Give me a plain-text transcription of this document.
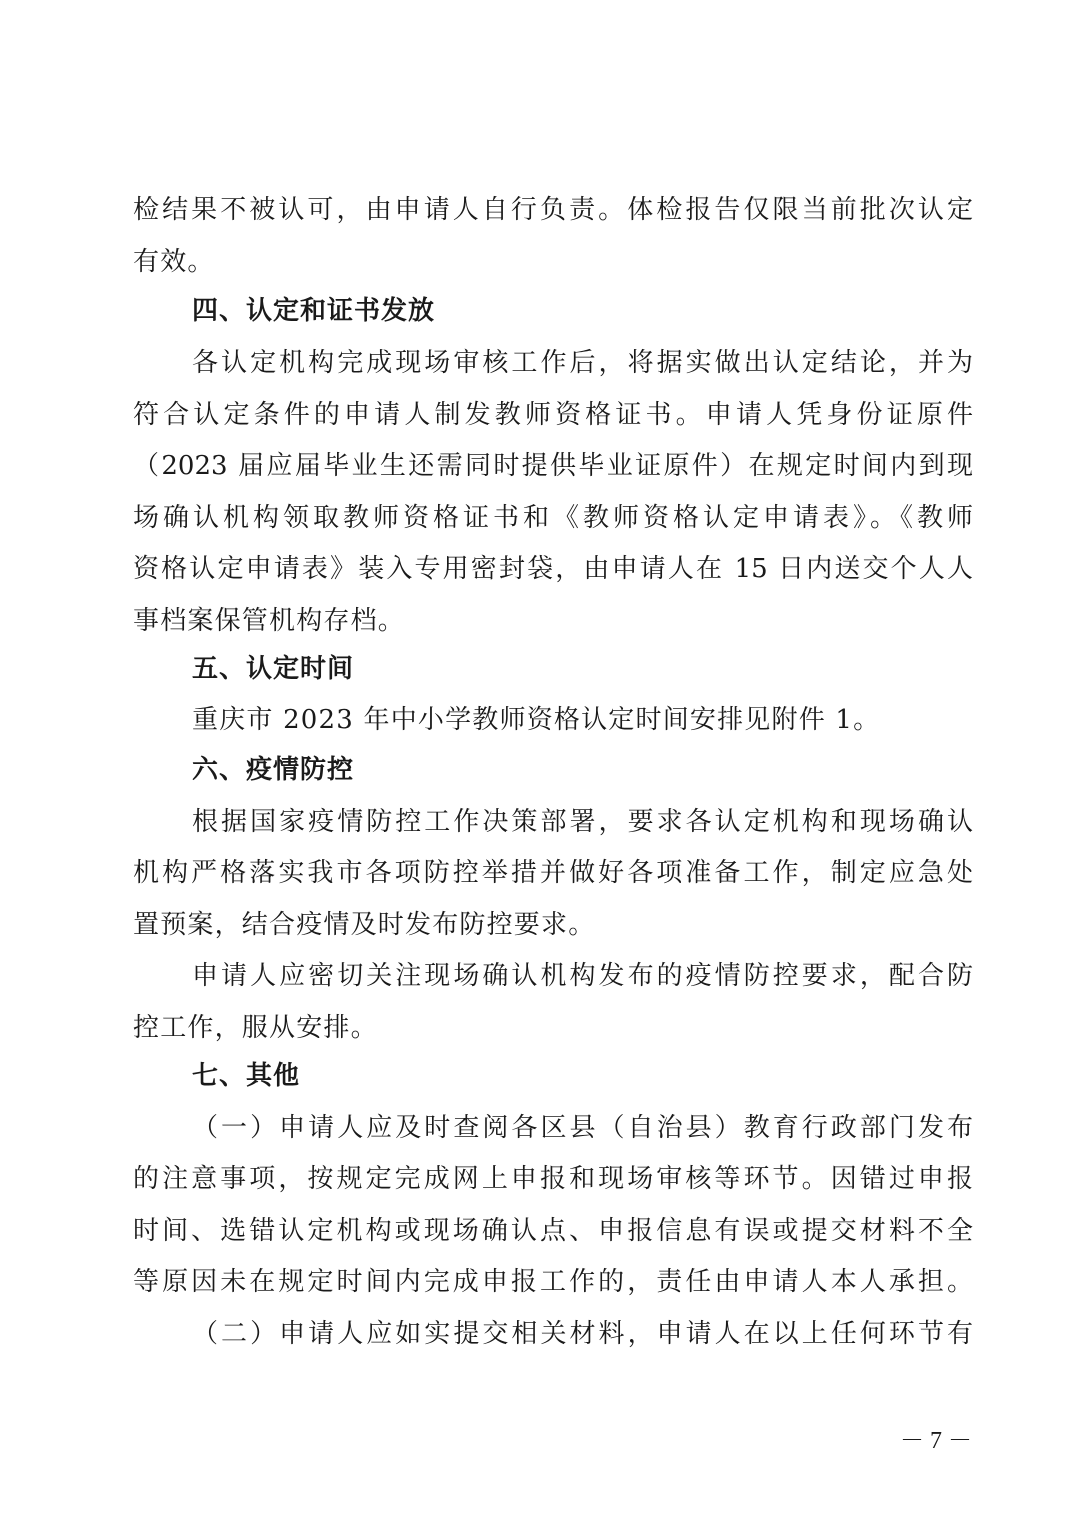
检结果不被认可，由申请人自行负责。体检报告仅限当前批次认定
有效。
四、认定和证书发放
各认定机构完成现场审核工作后，将据实做出认定结论，并为
符合认定条件的申请人制发教师资格证书。申请人凭身份证原件
（2023 届应届毕业生还需同时提供毕业证原件）在规定时间内到现
场确认机构领取教师资格证书和《教师资格认定申请表》。《教师
资格认定申请表》装入专用密封袋，由申请人在 15 日内送交个人人
事档案保管机构存档。
五、认定时间
重庆市 2023 年中小学教师资格认定时间安排见附件 1。
六、疫情防控
根据国家疫情防控工作决策部署，要求各认定机构和现场确认
机构严格落实我市各项防控举措并做好各项准备工作，制定应急处
置预案，结合疫情及时发布防控要求。
申请人应密切关注现场确认机构发布的疫情防控要求，配合防
控工作，服从安排。
七、其他
（一）申请人应及时查阅各区县（自治县）教育行政部门发布
的注意事项，按规定完成网上申报和现场审核等环节。因错过申报
时间、选错认定机构或现场确认点、申报信息有误或提交材料不全
等原因未在规定时间内完成申报工作的，责任由申请人本人承担。
（二）申请人应如实提交相关材料，申请人在以上任何环节有
－ 7 －
